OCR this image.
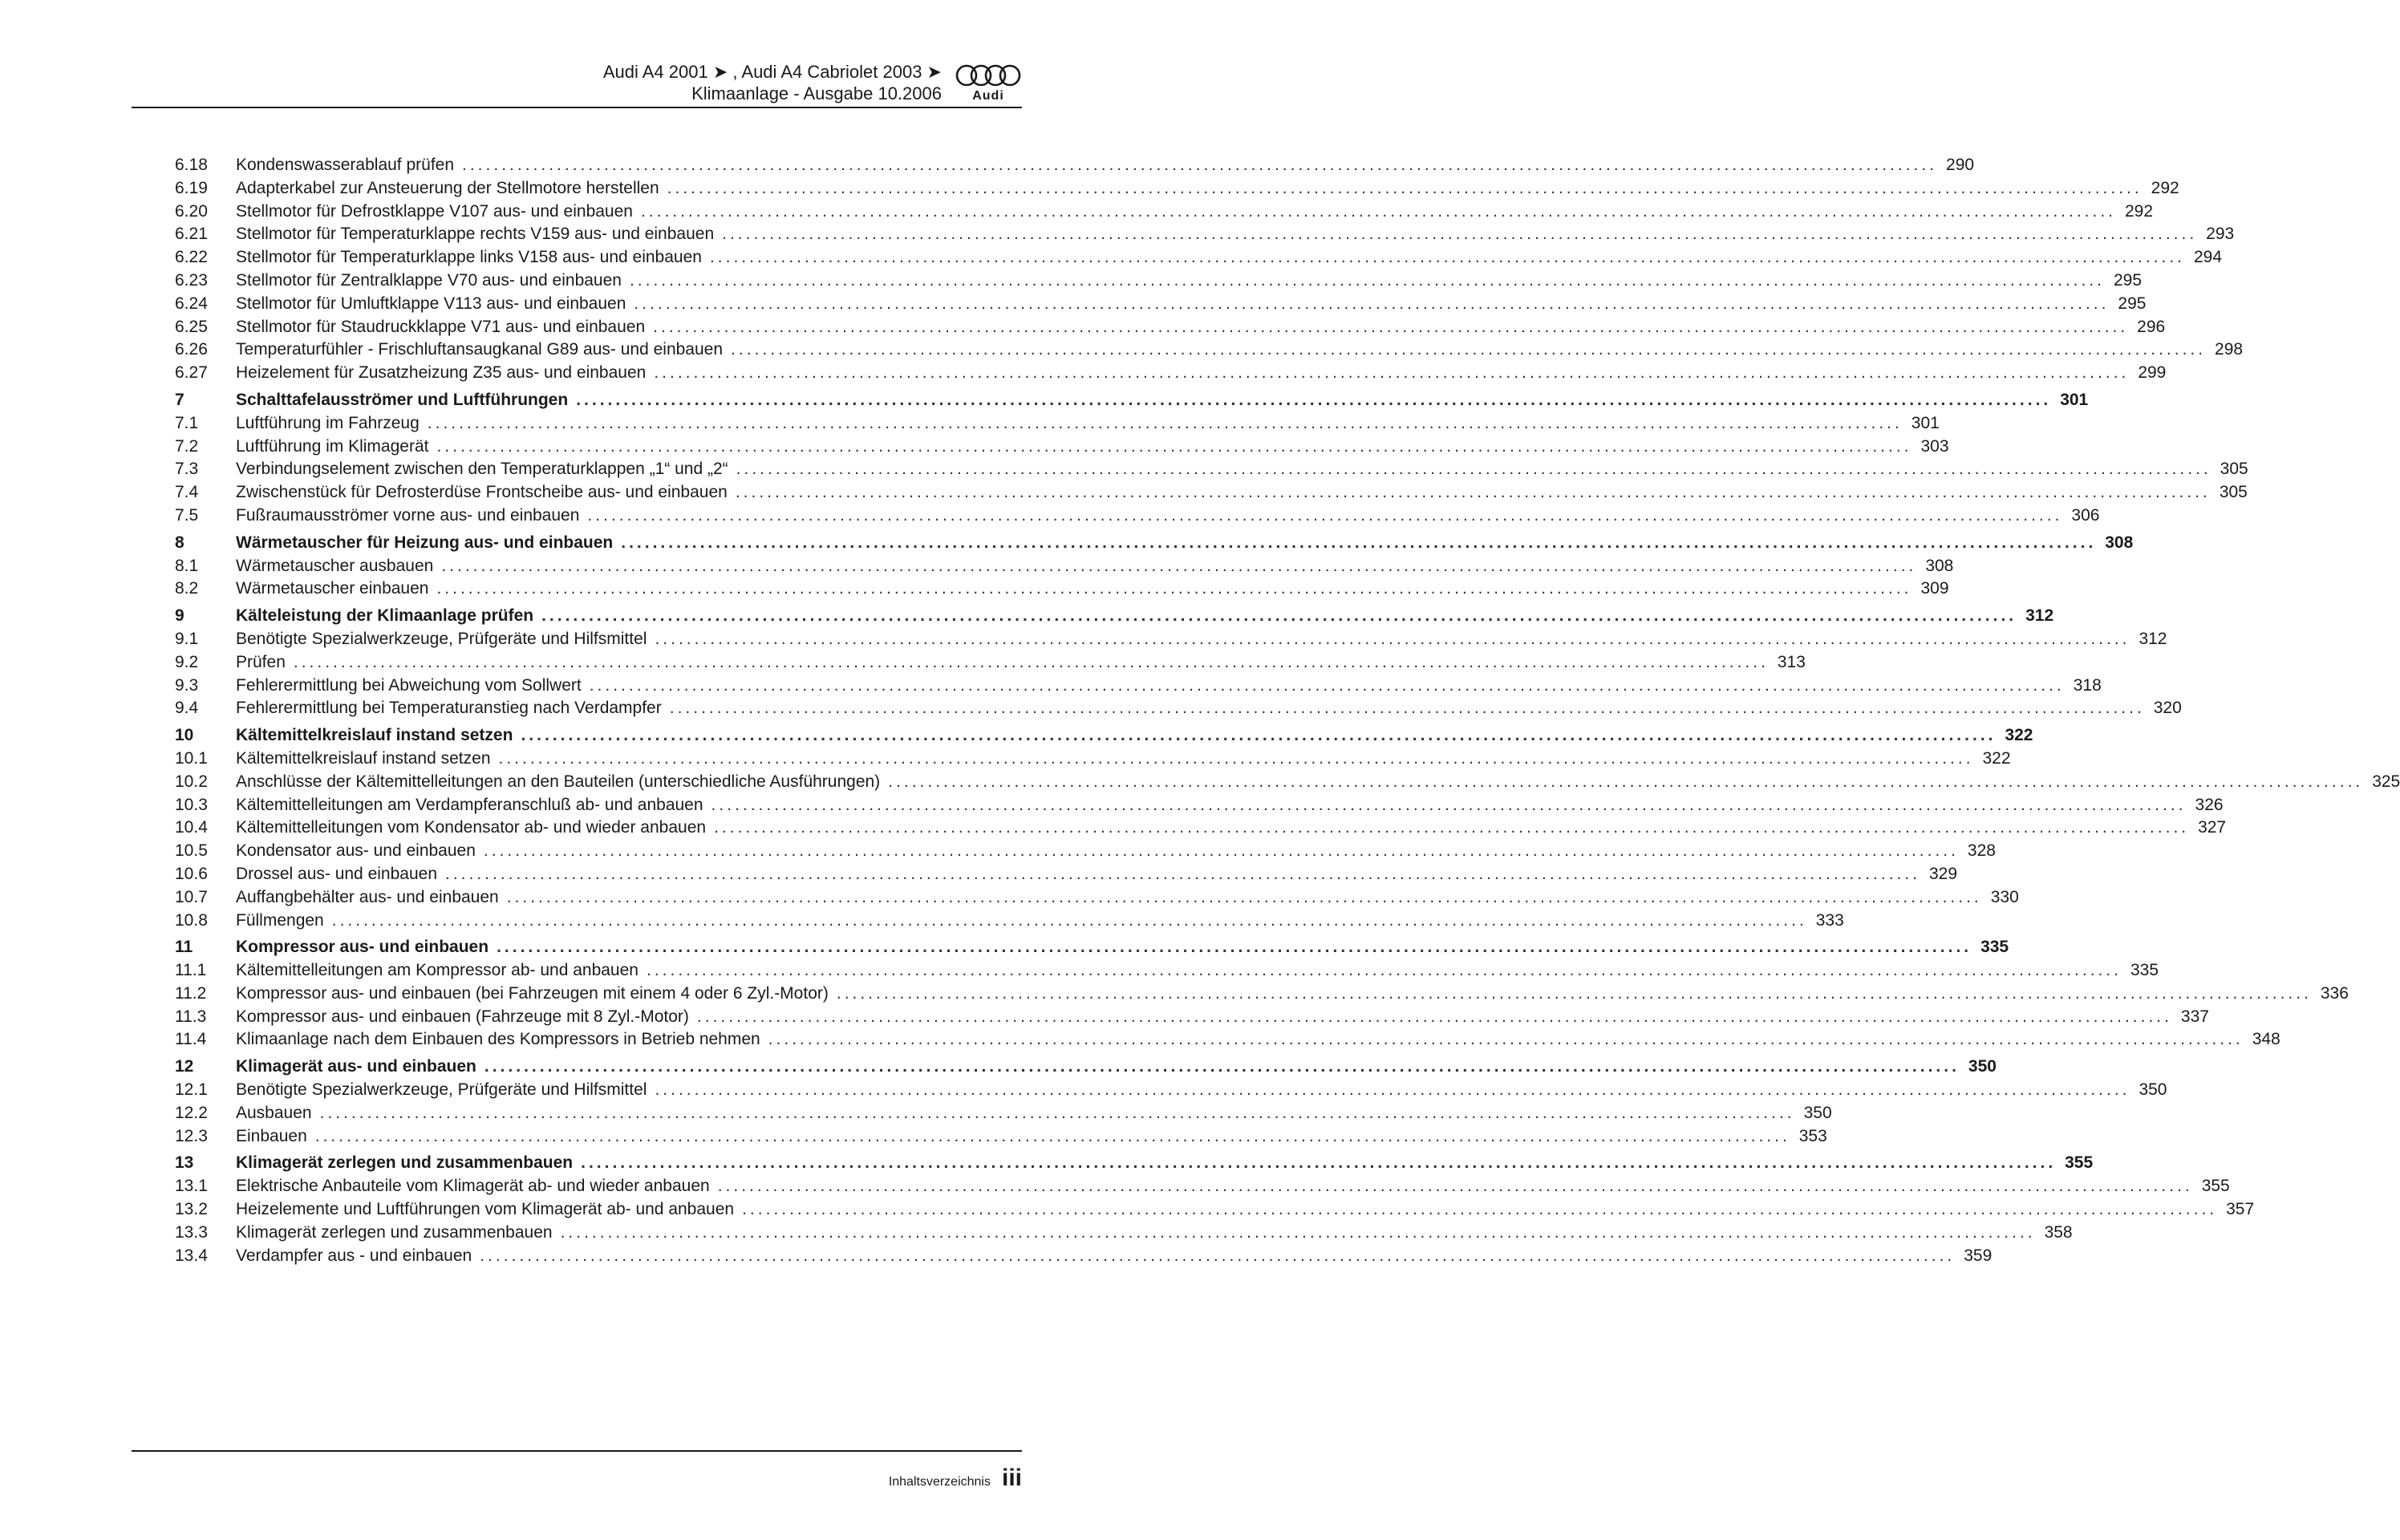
Audi A4 2001 ➤ , Audi A4 Cabriolet 2003 ➤
Klimaanlage - Ausgabe 10.2006	Audi
6.18	Kondenswasserablauf prüfen .....	290
6.19	Adapterkabel zur Ansteuerung der Stellmotore herstellen .....	292
6.20	Stellmotor für Defrostklappe V107 aus- und einbauen .....	292
6.21	Stellmotor für Temperaturklappe rechts V159 aus- und einbauen .....	293
6.22	Stellmotor für Temperaturklappe links V158 aus- und einbauen .....	294
6.23	Stellmotor für Zentralklappe V70 aus- und einbauen .....	295
6.24	Stellmotor für Umluftklappe V113 aus- und einbauen .....	295
6.25	Stellmotor für Staudruckklappe V71 aus- und einbauen .....	296
6.26	Temperaturfühler - Frischluftansaugkanal G89 aus- und einbauen .....	298
6.27	Heizelement für Zusatzheizung Z35 aus- und einbauen .....	299
7	Schalttafelausströmer und Luftführungen .....	301
7.1	Luftführung im Fahrzeug .....	301
7.2	Luftführung im Klimagerät .....	303
7.3	Verbindungselement zwischen den Temperaturklappen „1“ und „2“ .....	305
7.4	Zwischenstück für Defrosterdüse Frontscheibe aus- und einbauen .....	305
7.5	Fußraumausströmer vorne aus- und einbauen .....	306
8	Wärmetauscher für Heizung aus- und einbauen .....	308
8.1	Wärmetauscher ausbauen .....	308
8.2	Wärmetauscher einbauen .....	309
9	Kälteleistung der Klimaanlage prüfen .....	312
9.1	Benötigte Spezialwerkzeuge, Prüfgeräte und Hilfsmittel .....	312
9.2	Prüfen .....	313
9.3	Fehlerermittlung bei Abweichung vom Sollwert .....	318
9.4	Fehlerermittlung bei Temperaturanstieg nach Verdampfer .....	320
10	Kältemittelkreislauf instand setzen .....	322
10.1	Kältemittelkreislauf instand setzen .....	322
10.2	Anschlüsse der Kältemittelleitungen an den Bauteilen (unterschiedliche Ausführungen) .....	325
10.3	Kältemittelleitungen am Verdampferanschluß ab- und anbauen .....	326
10.4	Kältemittelleitungen vom Kondensator ab- und wieder anbauen .....	327
10.5	Kondensator aus- und einbauen .....	328
10.6	Drossel aus- und einbauen .....	329
10.7	Auffangbehälter aus- und einbauen .....	330
10.8	Füllmengen .....	333
11	Kompressor aus- und einbauen .....	335
11.1	Kältemittelleitungen am Kompressor ab- und anbauen .....	335
11.2	Kompressor aus- und einbauen (bei Fahrzeugen mit einem 4 oder 6 Zyl.-Motor) .....	336
11.3	Kompressor aus- und einbauen (Fahrzeuge mit 8 Zyl.-Motor) .....	337
11.4	Klimaanlage nach dem Einbauen des Kompressors in Betrieb nehmen .....	348
12	Klimagerät aus- und einbauen .....	350
12.1	Benötigte Spezialwerkzeuge, Prüfgeräte und Hilfsmittel .....	350
12.2	Ausbauen .....	350
12.3	Einbauen .....	353
13	Klimagerät zerlegen und zusammenbauen .....	355
13.1	Elektrische Anbauteile vom Klimagerät ab- und wieder anbauen .....	355
13.2	Heizelemente und Luftführungen vom Klimagerät ab- und anbauen .....	357
13.3	Klimagerät zerlegen und zusammenbauen .....	358
13.4	Verdampfer aus - und einbauen .....	359
Inhaltsverzeichnis iii
